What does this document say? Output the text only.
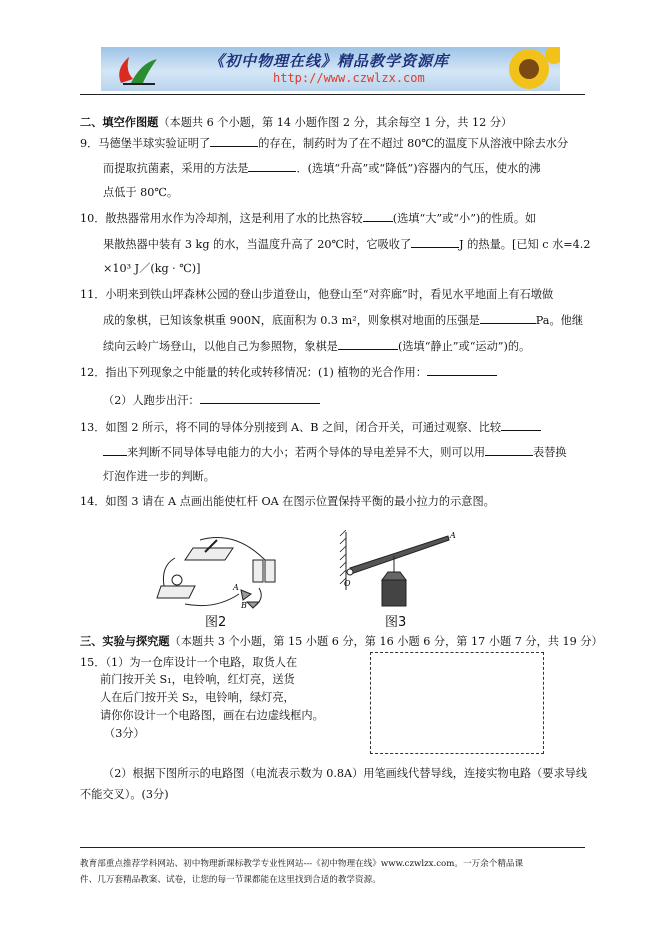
《初中物理在线》精品教学资源库
http://www.czwlzx.com
二、填空作图题（本题共 6 个小题，第 14 小题作图 2 分，其余每空 1 分，共 12 分）
9．马德堡半球实验证明了	的存在，制药时为了在不超过 80℃的温度下从溶液中除去水分
而提取抗菌素，采用的方法是	．(选填“升高”或“降低”)容器内的气压，使水的沸
点低于 80℃。
10．散热器常用水作为冷却剂，这是利用了水的比热容较	(选填“大”或“小”)的性质。如
果散热器中装有 3 kg 的水，当温度升高了 20℃时，它吸收了	J 的热量。[已知 c 水=4.2
×10³ J／(kg · ℃)]
11．小明来到铁山坪森林公园的登山步道登山，他登山至“对弈廊”时，看见水平地面上有石墩做
成的象棋，已知该象棋重 900N，底面积为 0.3 m²，则象棋对地面的压强是	Pa。他继
续向云岭广场登山，以他自己为参照物，象棋是	(选填“静止”或“运动”)的。
12．指出下列现象之中能量的转化或转移情况：(1) 植物的光合作用：
（2）人跑步出汗：
13．如图 2 所示，将不同的导体分别接到 A、B 之间，闭合开关，可通过观察、比较
来判断不同导体导电能力的大小；若两个导体的导电差异不大，则可以用	表替换
灯泡作进一步的判断。
14．如图 3 请在 A 点画出能使杠杆 OA 在图示位置保持平衡的最小拉力的示意图。
A
B
图2
A
O
图3
三、实验与探究题（本题共 3 个小题，第 15 小题 6 分，第 16 小题 6 分，第 17 小题 7 分，共 19 分）
15．（1）为一仓库设计一个电路，取货人在
前门按开关 S₁，电铃响，红灯亮，送货
人在后门按开关 S₂，电铃响，绿灯亮，
请你你设计一个电路图，画在右边虚线框内。
（3分）
（2）根据下图所示的电路图（电流表示数为 0.8A）用笔画线代替导线，连接实物电路（要求导线
不能交叉）。(3分)
教育部重点推荐学科网站、初中物理新课标教学专业性网站---《初中物理在线》www.czwlzx.com。一万余个精品课
件、几万套精品教案、试卷，让您的每一节课都能在这里找到合适的教学资源。
